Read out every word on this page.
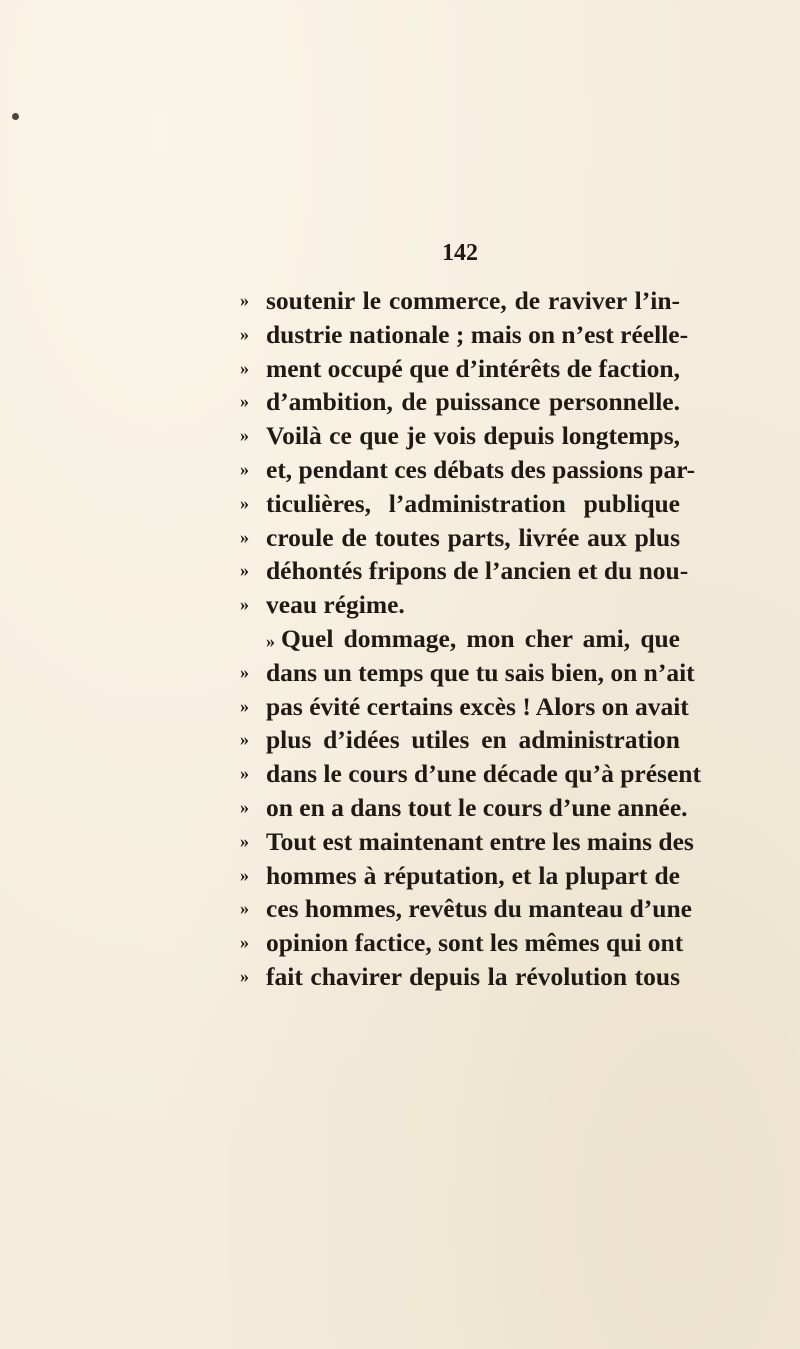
142
» soutenir le commerce, de raviver l’in-
» dustrie nationale ; mais on n’est réelle-
» ment occupé que d’intérêts de faction,
» d’ambition, de puissance personnelle.
» Voilà ce que je vois depuis longtemps,
» et, pendant ces débats des passions par-
» ticulières, l’administration publique
» croule de toutes parts, livrée aux plus
» déhontés fripons de l’ancien et du nou-
» veau régime.
» Quel dommage, mon cher ami, que
» dans un temps que tu sais bien, on n’ait
» pas évité certains excès ! Alors on avait
» plus d’idées utiles en administration
» dans le cours d’une décade qu’à présent
» on en a dans tout le cours d’une année.
» Tout est maintenant entre les mains des
» hommes à réputation, et la plupart de
» ces hommes, revêtus du manteau d’une
» opinion factice, sont les mêmes qui ont
» fait chavirer depuis la révolution tous
